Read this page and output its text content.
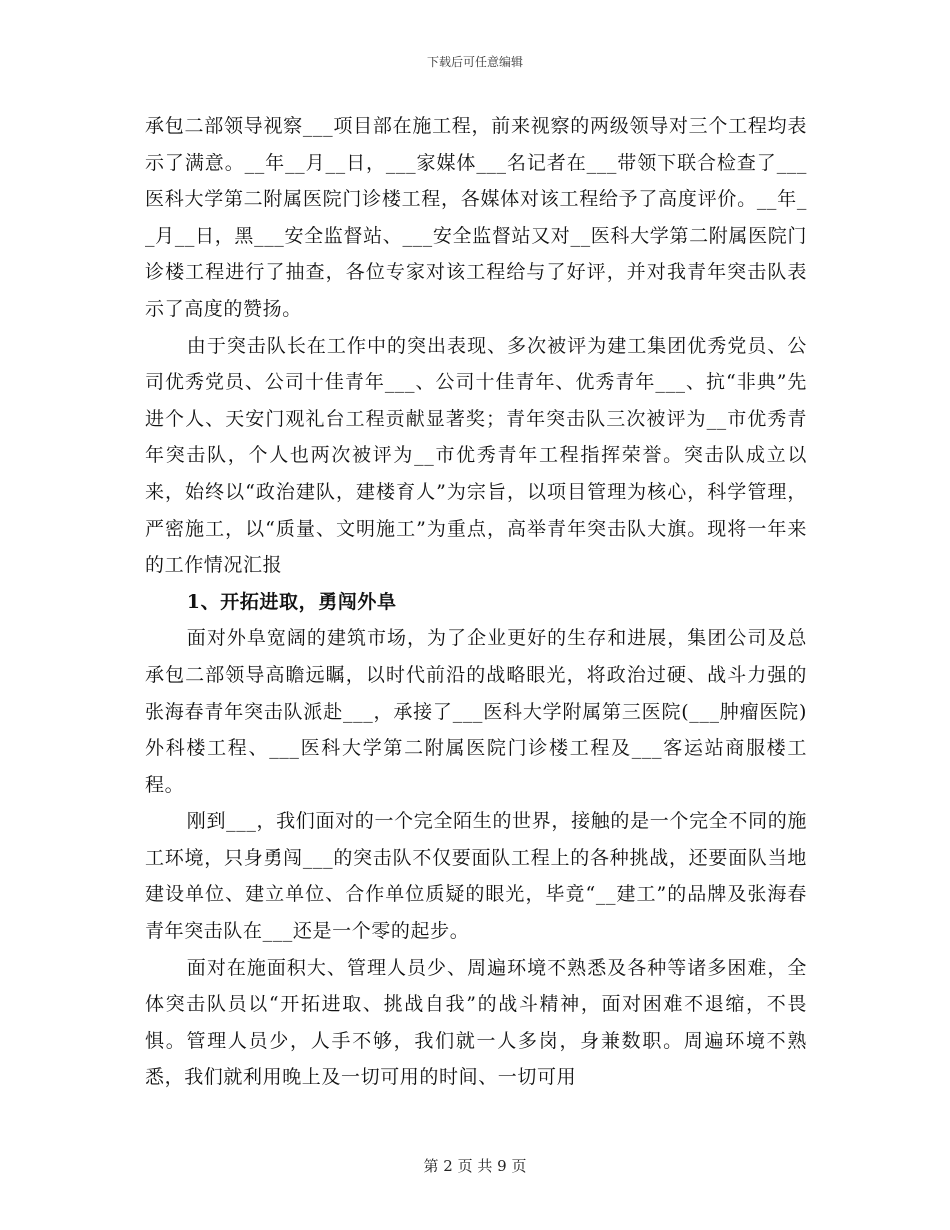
下载后可任意编辑

承包二部领导视察___项目部在施工程，前来视察的两级领导对三个工程均表示了满意。__年__月__日，___家媒体___名记者在___带领下联合检查了___医科大学第二附属医院门诊楼工程，各媒体对该工程给予了高度评价。__年__月__日，黑___安全监督站、___安全监督站又对__医科大学第二附属医院门诊楼工程进行了抽查，各位专家对该工程给与了好评，并对我青年突击队表示了高度的赞扬。

由于突击队长在工作中的突出表现、多次被评为建工集团优秀党员、公司优秀党员、公司十佳青年___、公司十佳青年、优秀青年___、抗“非典”先进个人、天安门观礼台工程贡献显著奖；青年突击队三次被评为__市优秀青年突击队，个人也两次被评为__市优秀青年工程指挥荣誉。突击队成立以来，始终以“政治建队，建楼育人”为宗旨，以项目管理为核心，科学管理，严密施工，以“质量、文明施工”为重点，高举青年突击队大旗。现将一年来的工作情况汇报

1、开拓进取，勇闯外阜

面对外阜宽阔的建筑市场，为了企业更好的生存和进展，集团公司及总承包二部领导高瞻远瞩，以时代前沿的战略眼光，将政治过硬、战斗力强的张海春青年突击队派赴___，承接了___医科大学附属第三医院(___肿瘤医院)外科楼工程、___医科大学第二附属医院门诊楼工程及___客运站商服楼工程。

刚到___，我们面对的一个完全陌生的世界，接触的是一个完全不同的施工环境，只身勇闯___的突击队不仅要面队工程上的各种挑战，还要面队当地建设单位、建立单位、合作单位质疑的眼光，毕竟“__建工”的品牌及张海春青年突击队在___还是一个零的起步。

面对在施面积大、管理人员少、周遍环境不熟悉及各种等诸多困难，全体突击队员以“开拓进取、挑战自我”的战斗精神，面对困难不退缩，不畏惧。管理人员少，人手不够，我们就一人多岗，身兼数职。周遍环境不熟悉，我们就利用晚上及一切可用的时间、一切可用

第 2 页 共 9 页
